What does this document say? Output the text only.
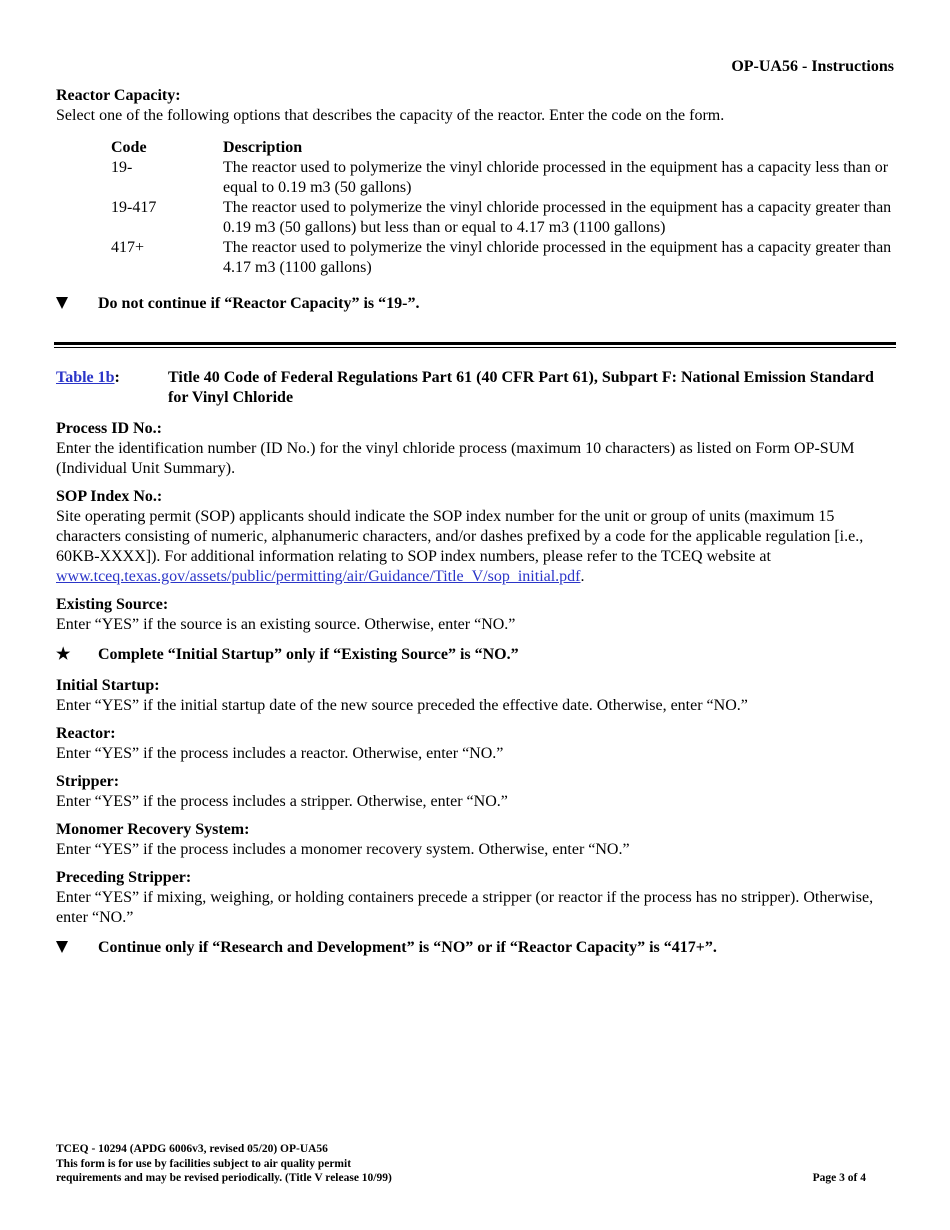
OP-UA56 - Instructions
Reactor Capacity:
Select one of the following options that describes the capacity of the reactor. Enter the code on the form.
Code	Description
19-	The reactor used to polymerize the vinyl chloride processed in the equipment has a capacity less than or equal to 0.19 m3 (50 gallons)
19-417	The reactor used to polymerize the vinyl chloride processed in the equipment has a capacity greater than 0.19 m3 (50 gallons) but less than or equal to 4.17 m3 (1100 gallons)
417+	The reactor used to polymerize the vinyl chloride processed in the equipment has a capacity greater than 4.17 m3 (1100 gallons)
Do not continue if “Reactor Capacity” is “19-”.
Table 1b:	Title 40 Code of Federal Regulations Part 61 (40 CFR Part 61), Subpart F: National Emission Standard for Vinyl Chloride
Process ID No.:
Enter the identification number (ID No.) for the vinyl chloride process (maximum 10 characters) as listed on Form OP-SUM (Individual Unit Summary).
SOP Index No.:
Site operating permit (SOP) applicants should indicate the SOP index number for the unit or group of units (maximum 15 characters consisting of numeric, alphanumeric characters, and/or dashes prefixed by a code for the applicable regulation [i.e., 60KB-XXXX]). For additional information relating to SOP index numbers, please refer to the TCEQ website at www.tceq.texas.gov/assets/public/permitting/air/Guidance/Title_V/sop_initial.pdf.
Existing Source:
Enter “YES” if the source is an existing source. Otherwise, enter “NO.”
★	Complete “Initial Startup” only if “Existing Source” is “NO.”
Initial Startup:
Enter “YES” if the initial startup date of the new source preceded the effective date. Otherwise, enter “NO.”
Reactor:
Enter “YES” if the process includes a reactor. Otherwise, enter “NO.”
Stripper:
Enter “YES” if the process includes a stripper. Otherwise, enter “NO.”
Monomer Recovery System:
Enter “YES” if the process includes a monomer recovery system. Otherwise, enter “NO.”
Preceding Stripper:
Enter “YES” if mixing, weighing, or holding containers precede a stripper (or reactor if the process has no stripper). Otherwise, enter “NO.”
Continue only if “Research and Development” is “NO” or if “Reactor Capacity” is “417+”.
TCEQ - 10294 (APDG 6006v3, revised 05/20) OP-UA56
This form is for use by facilities subject to air quality permit
requirements and may be revised periodically. (Title V release 10/99)	Page 3 of 4
